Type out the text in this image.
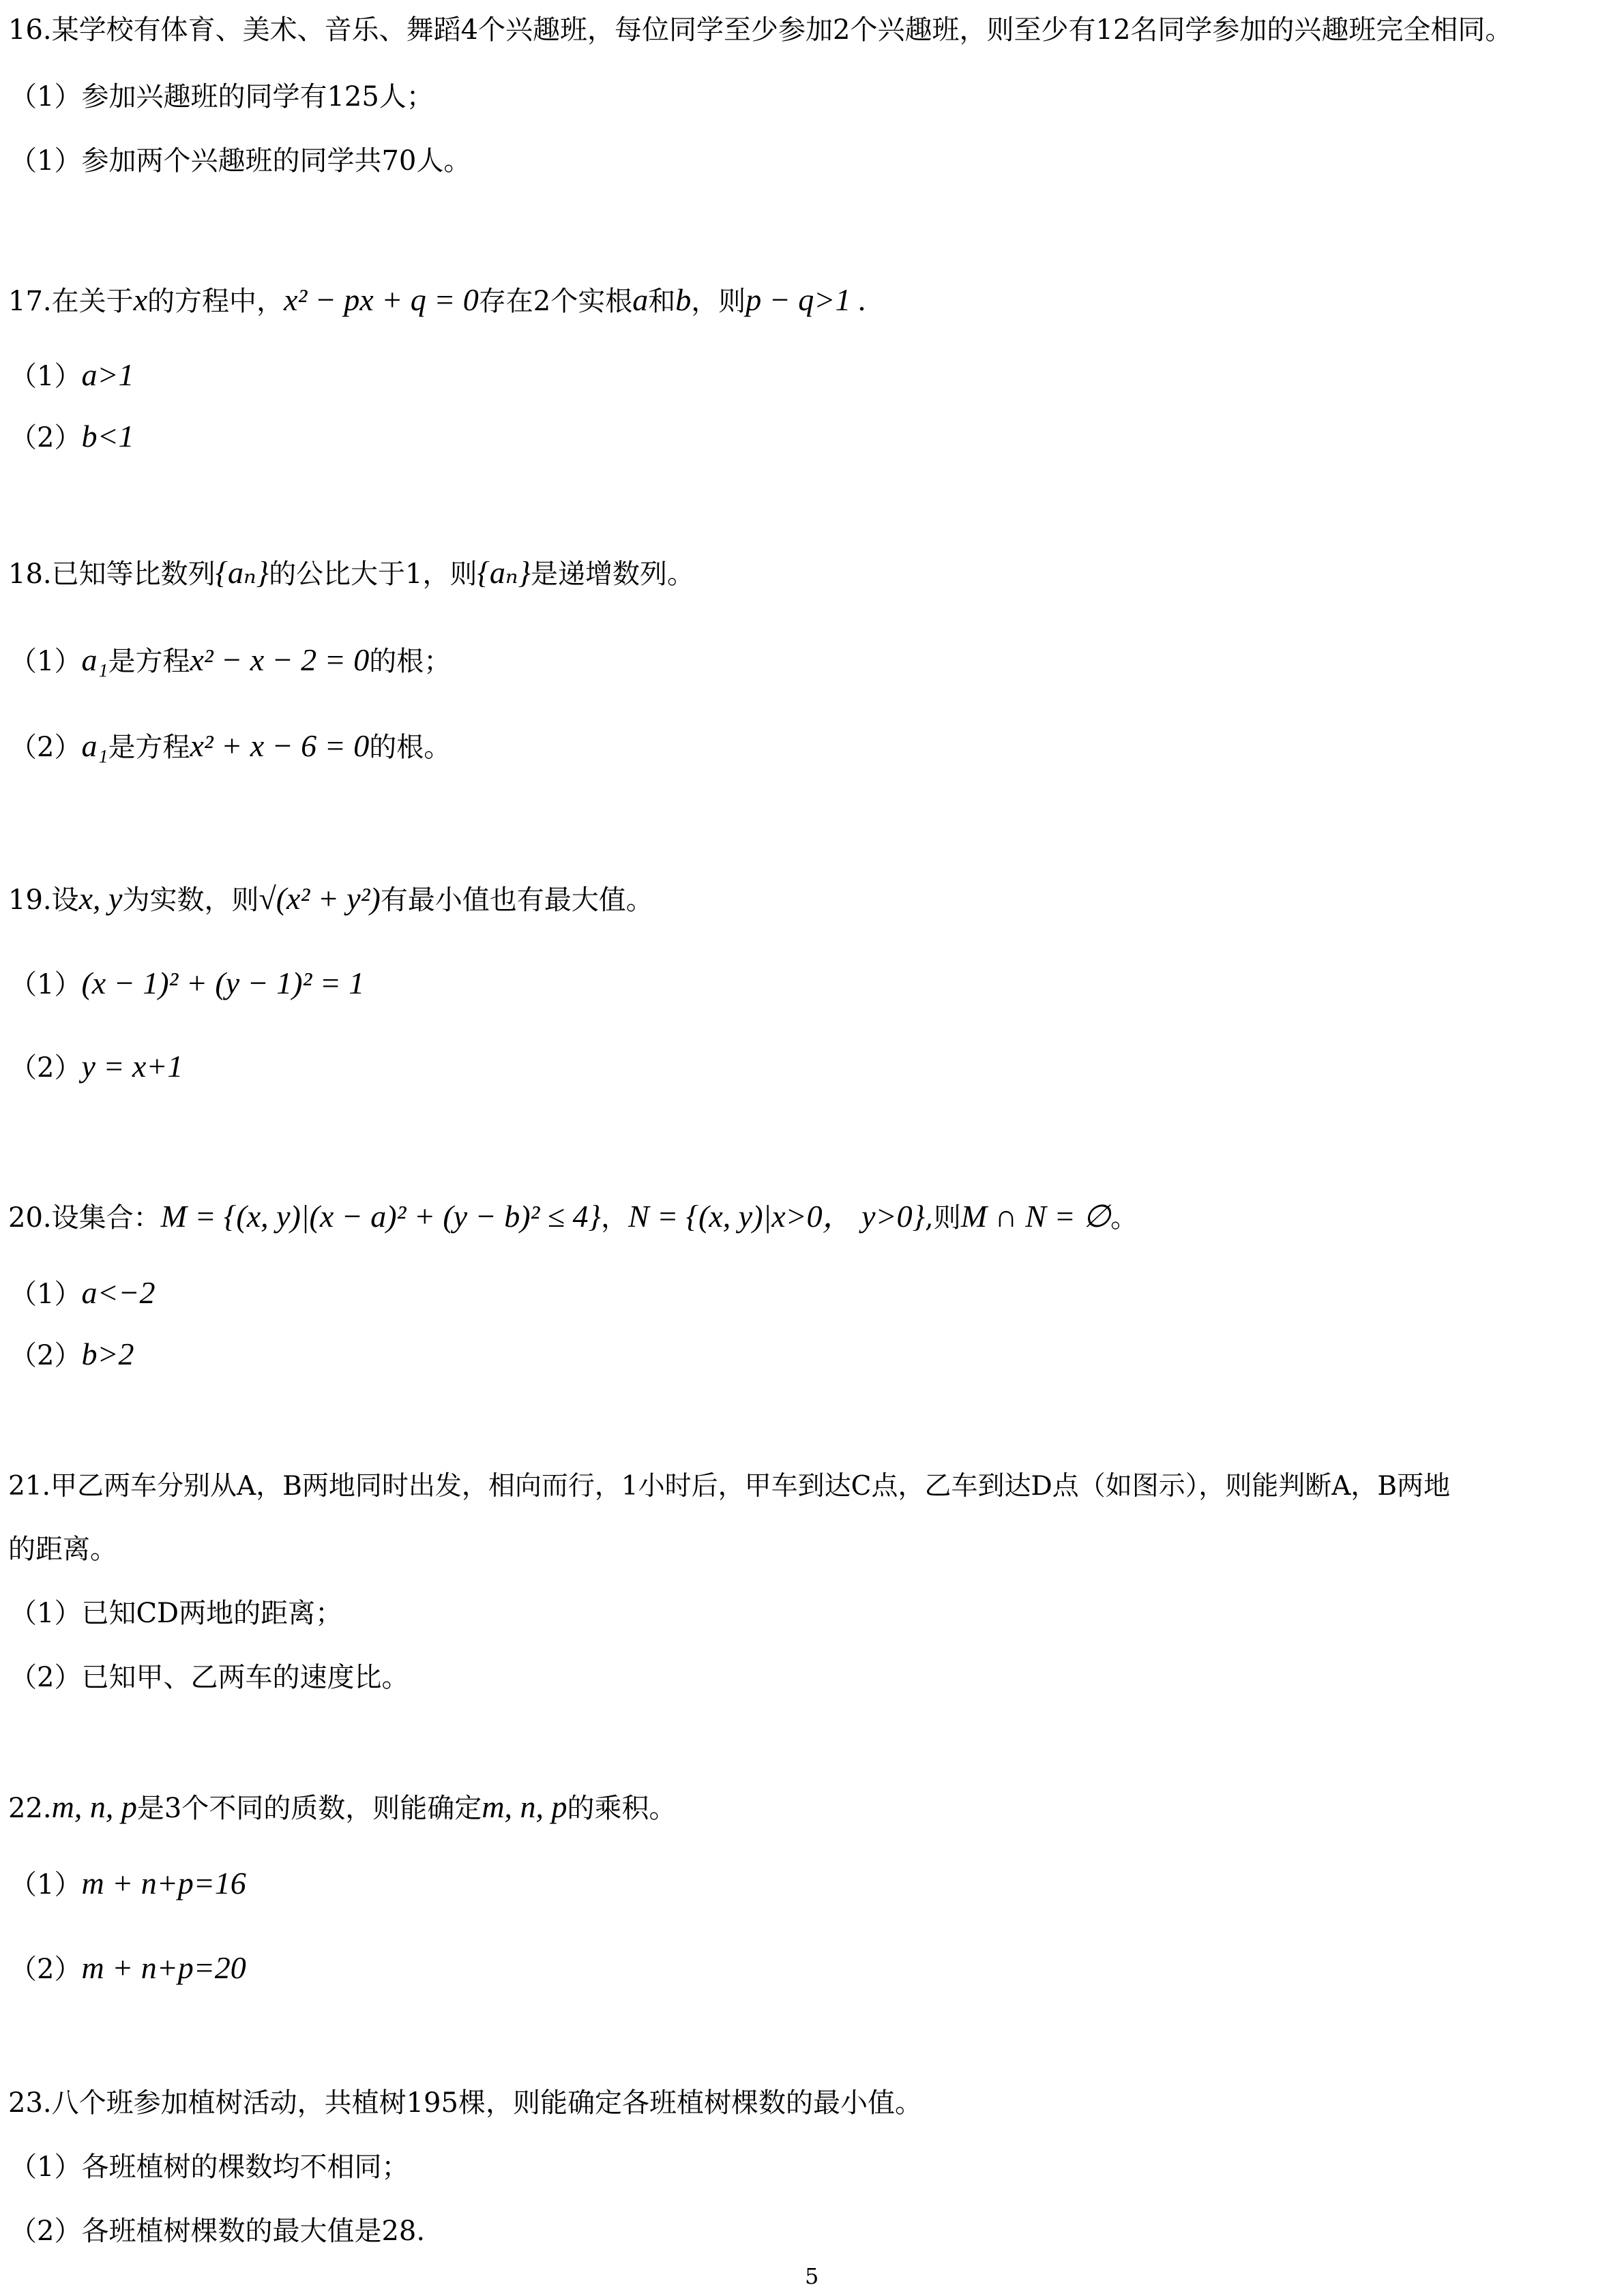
16.某学校有体育、美术、音乐、舞蹈4个兴趣班，每位同学至少参加2个兴趣班，则至少有12名同学参加的兴趣班完全相同。
（1）参加兴趣班的同学有125人；
（1）参加两个兴趣班的同学共70人。
17.在关于x的方程中，x² − px + q = 0存在2个实根a和b，则p − q>1 .
（1）a>1
（2）b<1
18.已知等比数列{aₙ}的公比大于1，则{aₙ}是递增数列。
（1）a₁是方程x² − x − 2 = 0的根；
（2）a₁是方程x² + x − 6 = 0的根。
19.设x, y为实数，则√(x² + y²)有最小值也有最大值。
（1）(x − 1)² + (y − 1)² = 1
（2）y = x+1
20.设集合：M = {(x, y)|(x − a)² + (y − b)² ≤ 4}，N = {(x, y)|x>0， y>0},则M ∩ N = ∅。
（1）a<−2
（2）b>2
21.甲乙两车分别从A，B两地同时出发，相向而行，1小时后，甲车到达C点，乙车到达D点（如图示），则能判断A，B两地
的距离。
（1）已知CD两地的距离；
（2）已知甲、乙两车的速度比。
22.m, n, p是3个不同的质数，则能确定m, n, p的乘积。
（1）m + n+p=16
（2）m + n+p=20
23.八个班参加植树活动，共植树195棵，则能确定各班植树棵数的最小值。
（1）各班植树的棵数均不相同；
（2）各班植树棵数的最大值是28.
5
